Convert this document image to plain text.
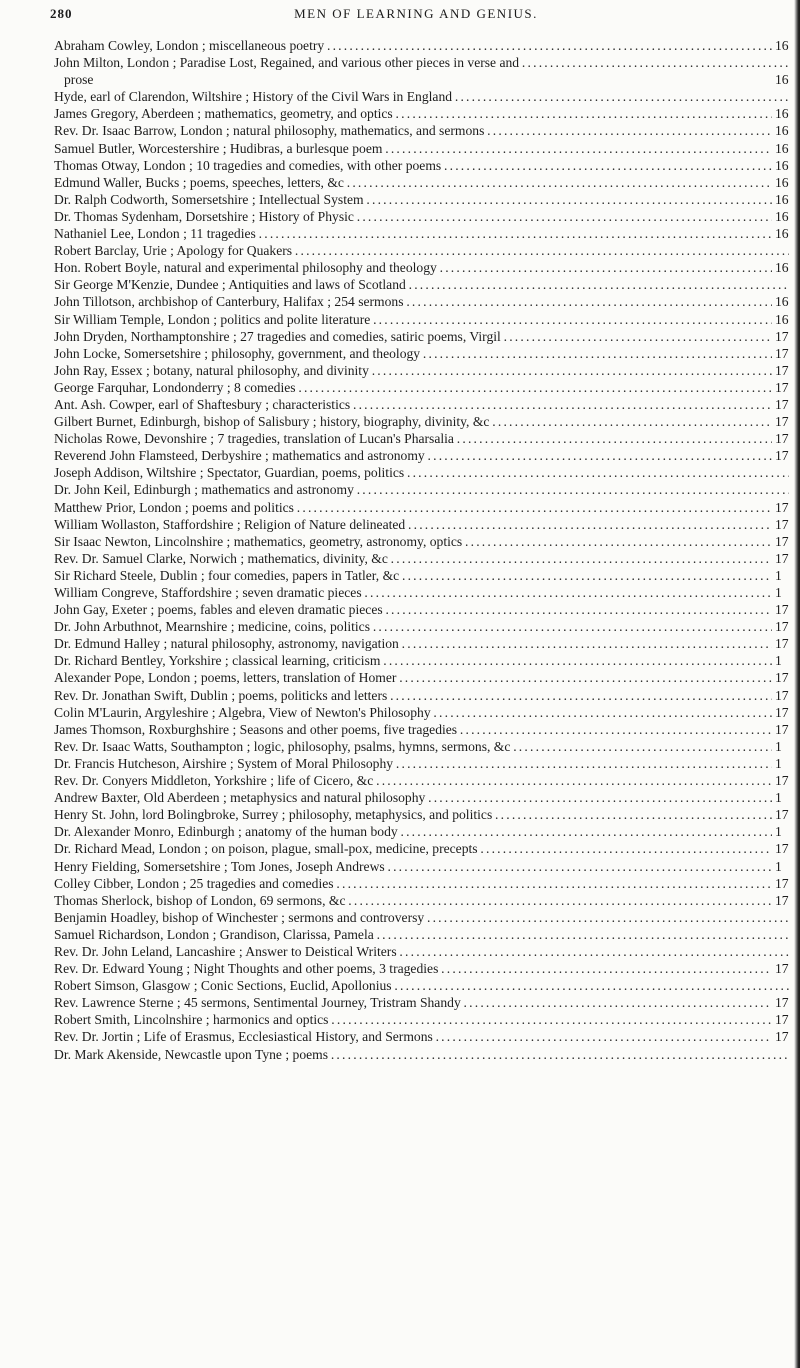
280	MEN OF LEARNING AND GENIUS.
Abraham Cowley, London ; miscellaneous poetry . . .	16
John Milton, London ; Paradise Lost, Regained, and various other pieces in verse and . . .
prose	16
Hyde, earl of Clarendon, Wiltshire ; History of the Civil Wars in England . . .
James Gregory, Aberdeen ; mathematics, geometry, and optics . . .	16
Rev. Dr. Isaac Barrow, London ; natural philosophy, mathematics, and sermons . . .	16
Samuel Butler, Worcestershire ; Hudibras, a burlesque poem . . .	16
Thomas Otway, London ; 10 tragedies and comedies, with other poems . . .	16
Edmund Waller, Bucks ; poems, speeches, letters, &c . . .	16
Dr. Ralph Codworth, Somersetshire ; Intellectual System . . .	16
Dr. Thomas Sydenham, Dorsetshire ; History of Physic . . .	16
Nathaniel Lee, London ; 11 tragedies . . .	16
Robert Barclay, Urie ; Apology for Quakers . . .
Hon. Robert Boyle, natural and experimental philosophy and theology . . .	16
Sir George M'Kenzie, Dundee ; Antiquities and laws of Scotland . . .
John Tillotson, archbishop of Canterbury, Halifax ; 254 sermons . . .	16
Sir William Temple, London ; politics and polite literature . . .	16
John Dryden, Northamptonshire ; 27 tragedies and comedies, satiric poems, Virgil . . .	17
John Locke, Somersetshire ; philosophy, government, and theology . . .	17
John Ray, Essex ; botany, natural philosophy, and divinity . . .	17
George Farquhar, Londonderry ; 8 comedies . . .	17
Ant. Ash. Cowper, earl of Shaftesbury ; characteristics . . .	17
Gilbert Burnet, Edinburgh, bishop of Salisbury ; history, biography, divinity, &c . . .	17
Nicholas Rowe, Devonshire ; 7 tragedies, translation of Lucan's Pharsalia . . .	17
Reverend John Flamsteed, Derbyshire ; mathematics and astronomy . . .	17
Joseph Addison, Wiltshire ; Spectator, Guardian, poems, politics . . .
Dr. John Keil, Edinburgh ; mathematics and astronomy . . .
Matthew Prior, London ; poems and politics . . .	17
William Wollaston, Staffordshire ; Religion of Nature delineated . . .	17
Sir Isaac Newton, Lincolnshire ; mathematics, geometry, astronomy, optics . . .	17
Rev. Dr. Samuel Clarke, Norwich ; mathematics, divinity, &c . . .	17
Sir Richard Steele, Dublin ; four comedies, papers in Tatler, &c . . .	1
William Congreve, Staffordshire ; seven dramatic pieces . . .	1
John Gay, Exeter ; poems, fables and eleven dramatic pieces . . .	17
Dr. John Arbuthnot, Mearnshire ; medicine, coins, politics . . .	17
Dr. Edmund Halley ; natural philosophy, astronomy, navigation . . .	17
Dr. Richard Bentley, Yorkshire ; classical learning, criticism . . .	1
Alexander Pope, London ; poems, letters, translation of Homer . . .	17
Rev. Dr. Jonathan Swift, Dublin ; poems, politicks and letters . . .	17
Colin M'Laurin, Argyleshire ; Algebra, View of Newton's Philosophy . . .	17
James Thomson, Roxburghshire ; Seasons and other poems, five tragedies . . .	17
Rev. Dr. Isaac Watts, Southampton ; logic, philosophy, psalms, hymns, sermons, &c . . .	1
Dr. Francis Hutcheson, Airshire ; System of Moral Philosophy . . .	1
Rev. Dr. Conyers Middleton, Yorkshire ; life of Cicero, &c . . .	17
Andrew Baxter, Old Aberdeen ; metaphysics and natural philosophy . . .	1
Henry St. John, lord Bolingbroke, Surrey ; philosophy, metaphysics, and politics . . .	17
Dr. Alexander Monro, Edinburgh ; anatomy of the human body . . .	1
Dr. Richard Mead, London ; on poison, plague, small-pox, medicine, precepts . . .	17
Henry Fielding, Somersetshire ; Tom Jones, Joseph Andrews . . .	1
Colley Cibber, London ; 25 tragedies and comedies . . .	17
Thomas Sherlock, bishop of London, 69 sermons, &c . . .	17
Benjamin Hoadley, bishop of Winchester ; sermons and controversy . . .
Samuel Richardson, London ; Grandison, Clarissa, Pamela . . .
Rev. Dr. John Leland, Lancashire ; Answer to Deistical Writers . . .
Rev. Dr. Edward Young ; Night Thoughts and other poems, 3 tragedies . . .	17
Robert Simson, Glasgow ; Conic Sections, Euclid, Apollonius . . .
Rev. Lawrence Sterne ; 45 sermons, Sentimental Journey, Tristram Shandy . . .	17
Robert Smith, Lincolnshire ; harmonics and optics . . .	17
Rev. Dr. Jortin ; Life of Erasmus, Ecclesiastical History, and Sermons . . .	17
Dr. Mark Akenside, Newcastle upon Tyne ; poems . . .
